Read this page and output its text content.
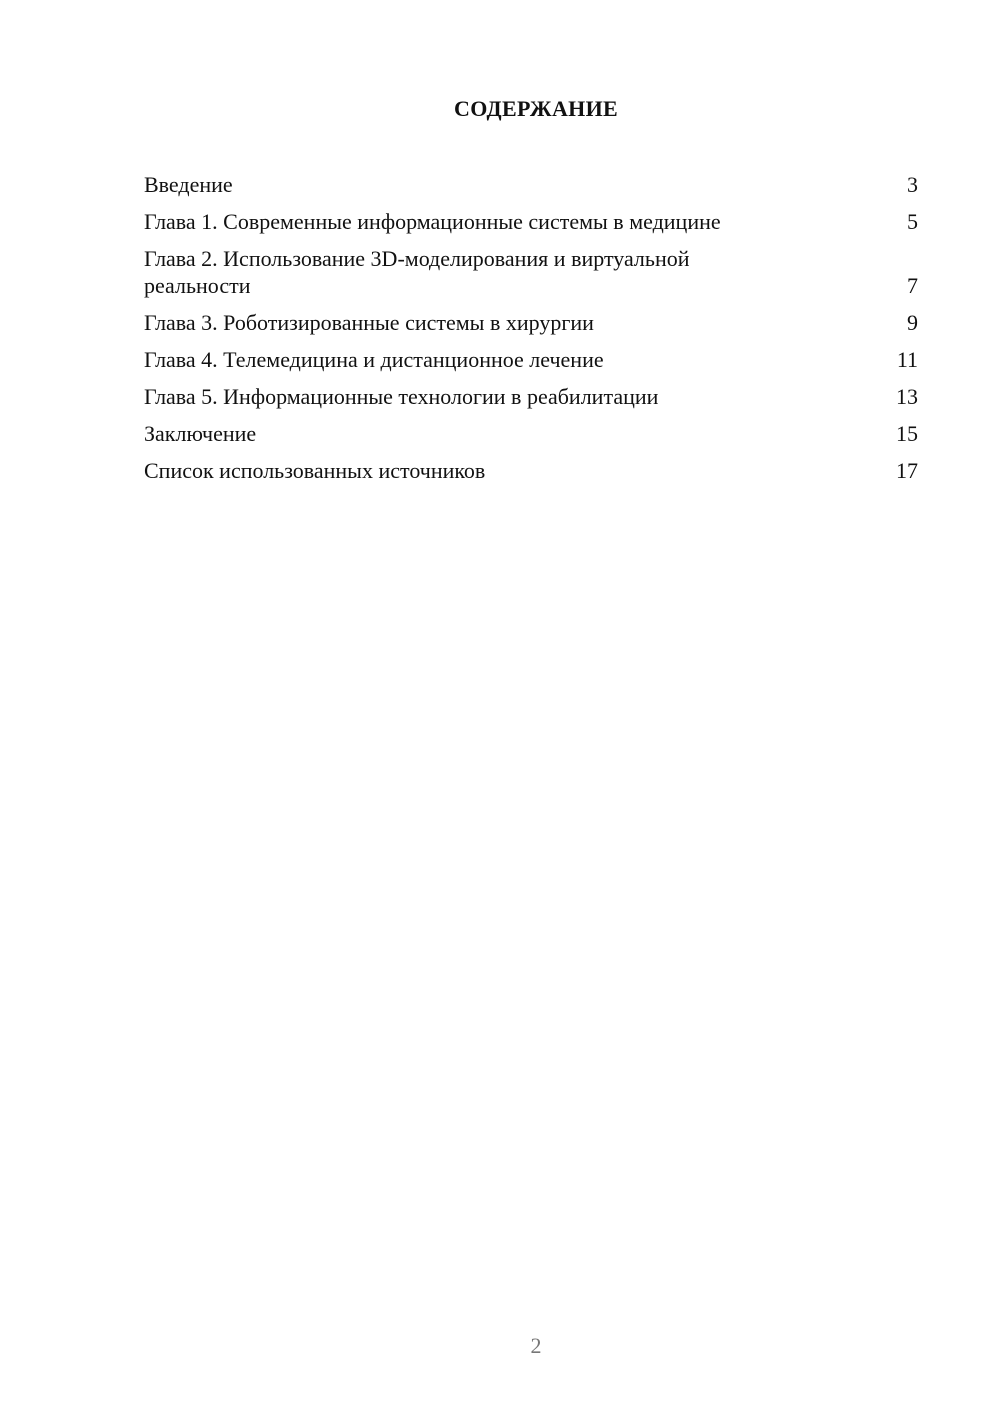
СОДЕРЖАНИЕ
Введение	3
Глава 1. Современные информационные системы в медицине	5
Глава 2. Использование 3D-моделирования и виртуальной реальности	7
Глава 3. Роботизированные системы в хирургии	9
Глава 4. Телемедицина и дистанционное лечение	11
Глава 5. Информационные технологии в реабилитации	13
Заключение	15
Список использованных источников	17
2
